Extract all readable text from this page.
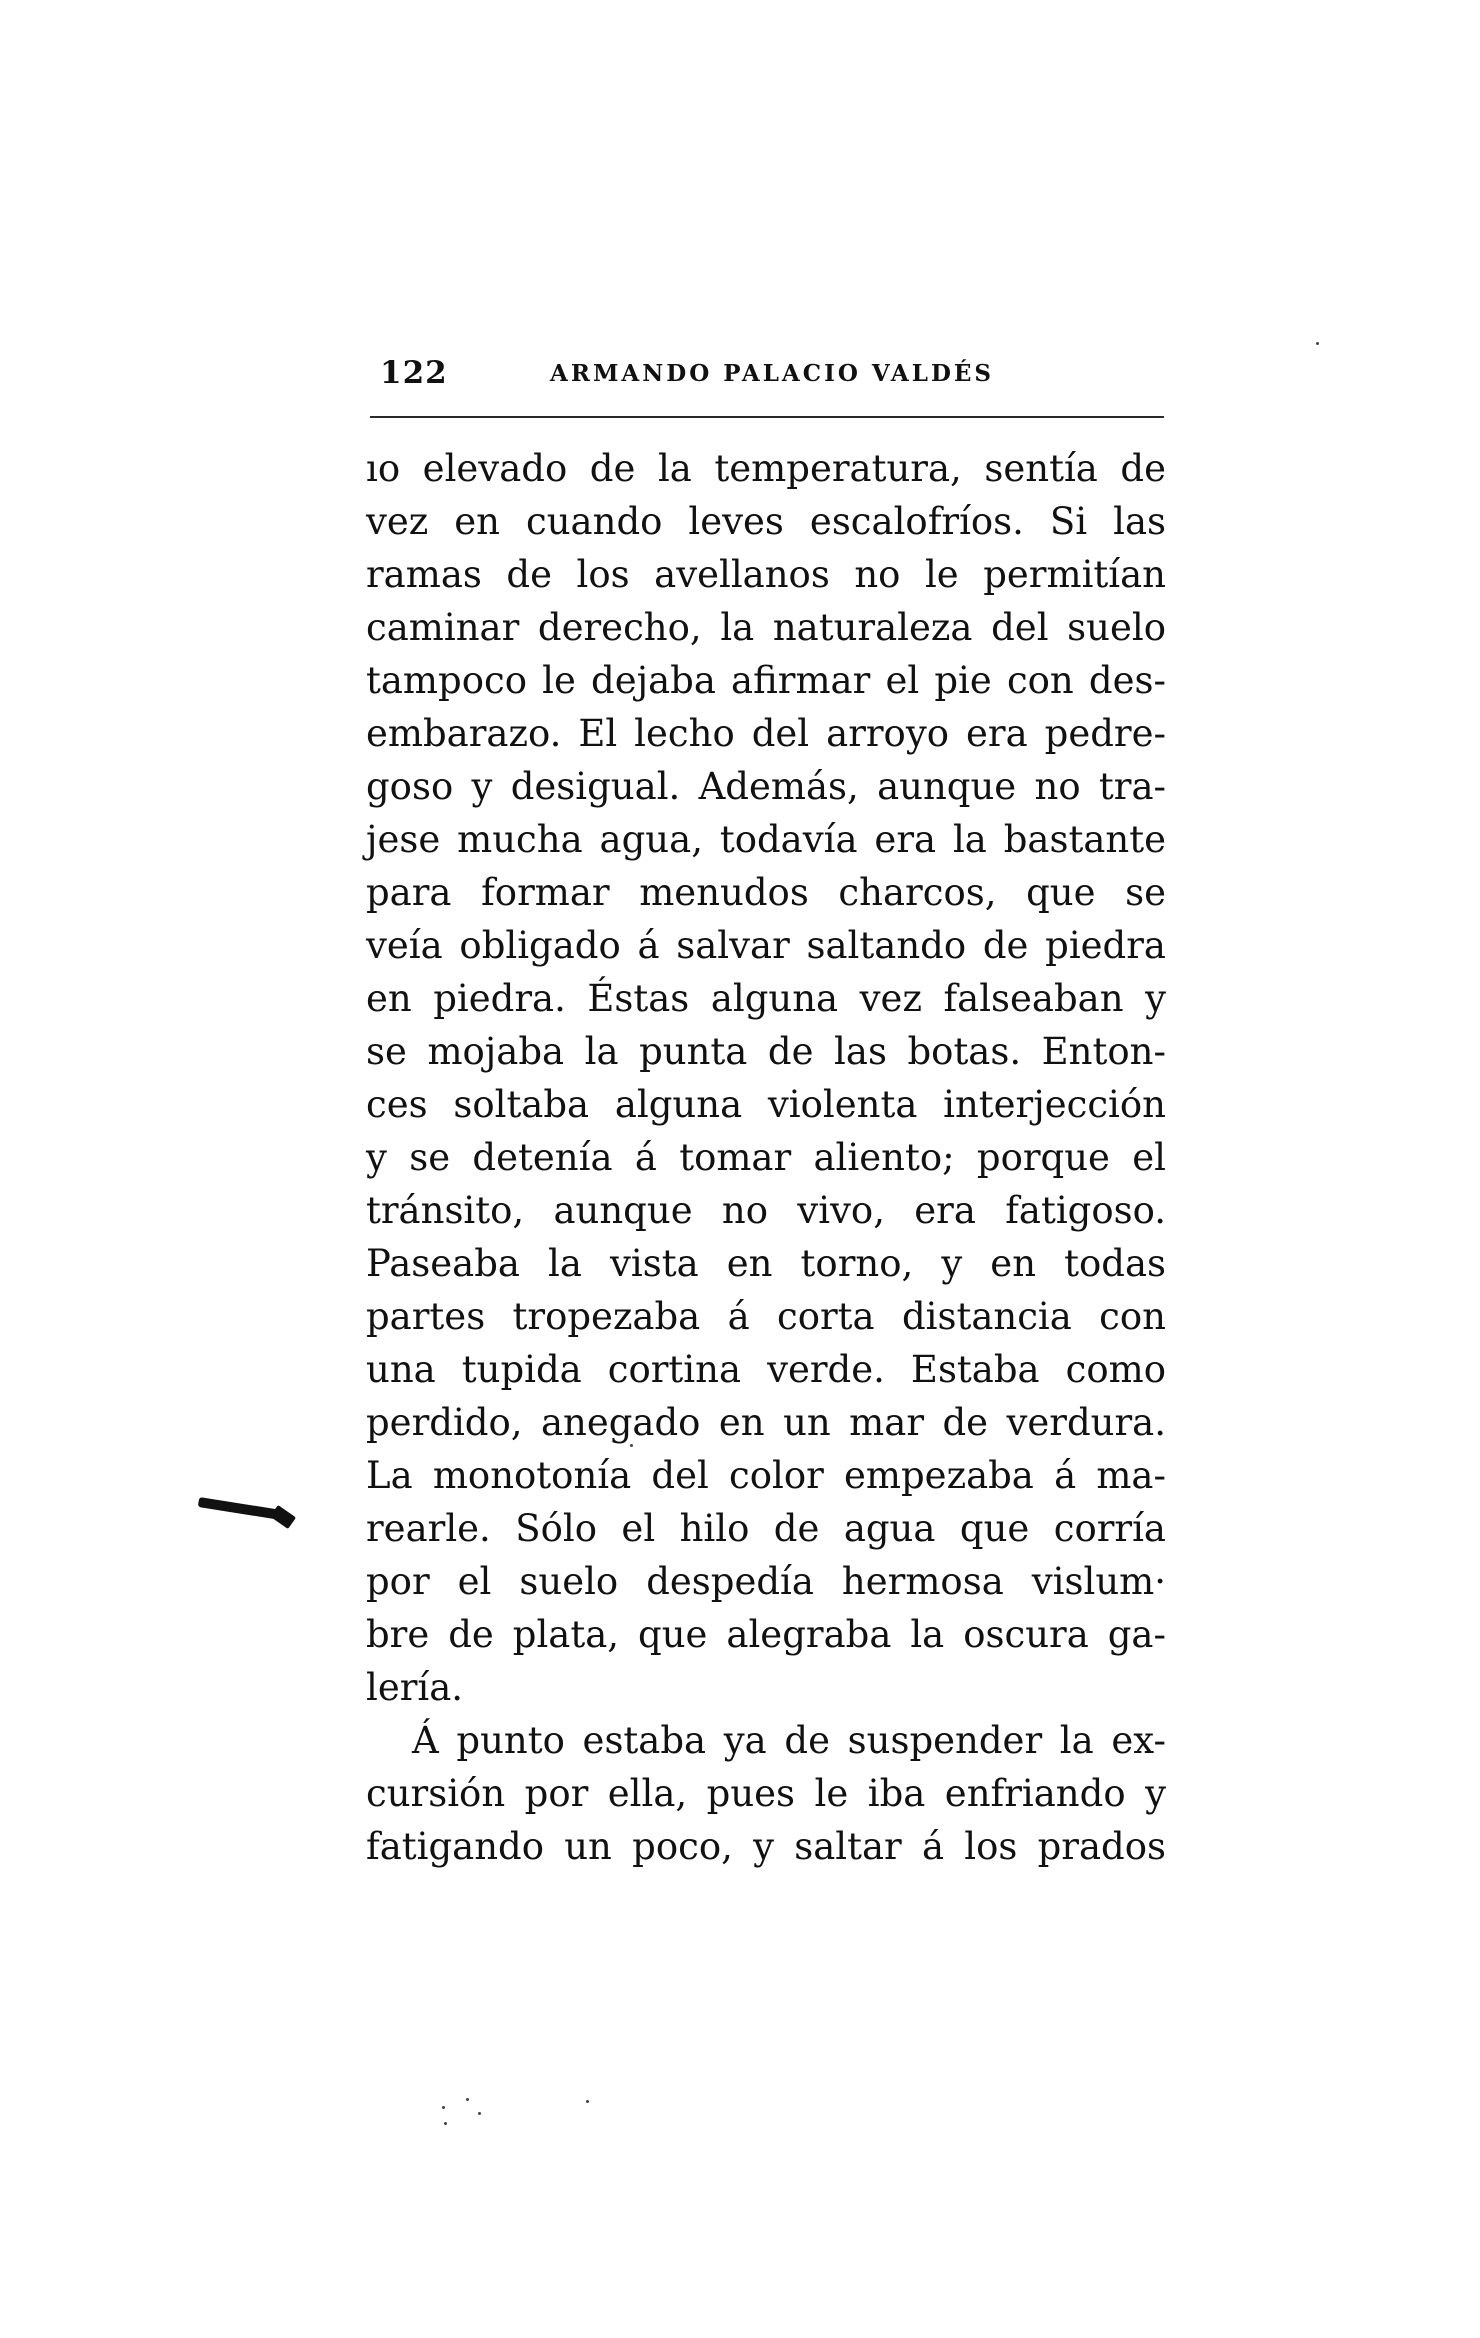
122	ARMANDO PALACIO VALDÉS
ıo elevado de la temperatura, sentía de
vez en cuando leves escalofríos. Si las
ramas de los avellanos no le permitían
caminar derecho, la naturaleza del suelo
tampoco le dejaba afirmar el pie con des-
embarazo. El lecho del arroyo era pedre-
goso y desigual. Además, aunque no tra-
jese mucha agua, todavía era la bastante
para formar menudos charcos, que se
veía obligado á salvar saltando de piedra
en piedra. Éstas alguna vez falseaban y
se mojaba la punta de las botas. Enton-
ces soltaba alguna violenta interjección
y se detenía á tomar aliento; porque el
tránsito, aunque no vivo, era fatigoso.
Paseaba la vista en torno, y en todas
partes tropezaba á corta distancia con
una tupida cortina verde. Estaba como
perdido, anegado en un mar de verdura.
La monotonía del color empezaba á ma-
rearle. Sólo el hilo de agua que corría
por el suelo despedía hermosa vislum·
bre de plata, que alegraba la oscura ga-
lería.
Á punto estaba ya de suspender la ex-
cursión por ella, pues le iba enfriando y
fatigando un poco, y saltar á los prados
